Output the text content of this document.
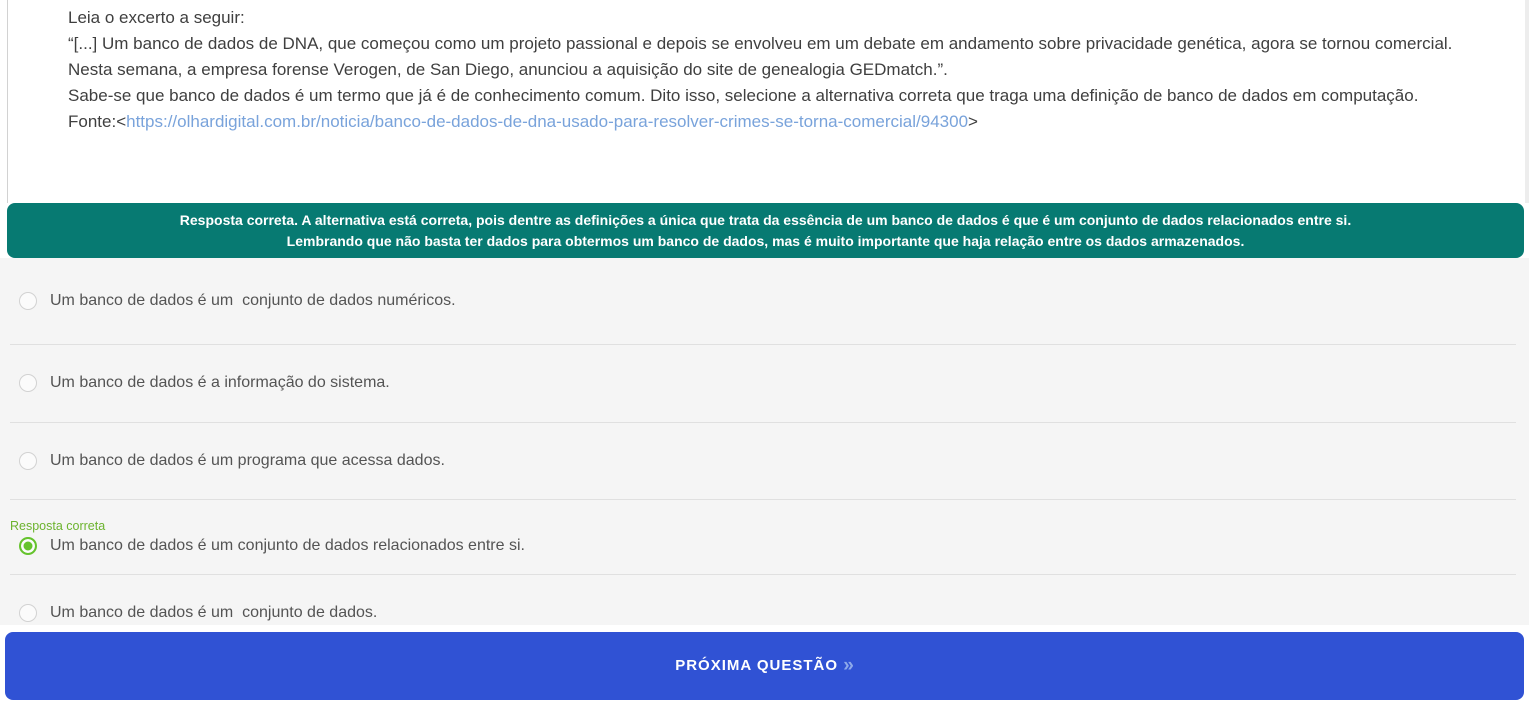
Leia o excerto a seguir:

“[...] Um banco de dados de DNA, que começou como um projeto passional e depois se envolveu em um debate em andamento sobre privacidade genética, agora se tornou comercial.

Nesta semana, a empresa forense Verogen, de San Diego, anunciou a aquisição do site de genealogia GEDmatch.”.

Sabe-se que banco de dados é um termo que já é de conhecimento comum. Dito isso, selecione a alternativa correta que traga uma definição de banco de dados em computação.

Fonte:<https://olhardigital.com.br/noticia/banco-de-dados-de-dna-usado-para-resolver-crimes-se-torna-comercial/94300>

Resposta correta. A alternativa está correta, pois dentre as definições a única que trata da essência de um banco de dados é que é um conjunto de dados relacionados entre si.
Lembrando que não basta ter dados para obtermos um banco de dados, mas é muito importante que haja relação entre os dados armazenados.
Um banco de dados é um  conjunto de dados numéricos.
Um banco de dados é a informação do sistema.
Um banco de dados é um programa que acessa dados.
Resposta correta
Um banco de dados é um conjunto de dados relacionados entre si.
Um banco de dados é um  conjunto de dados.
PRÓXIMA QUESTÃO »
